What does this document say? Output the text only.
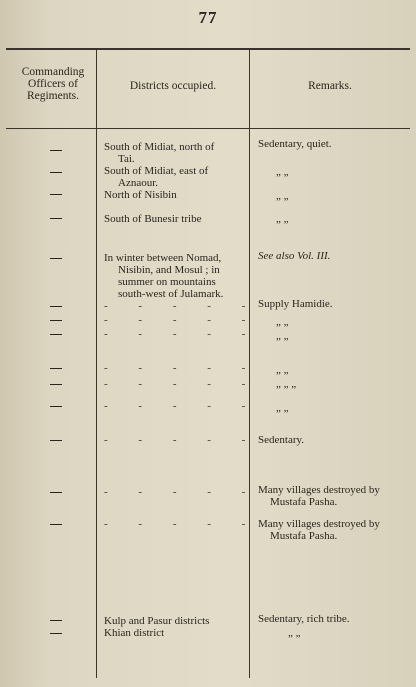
77
Commanding Officers of Regiments.
Districts occupied.	Remarks.
South of Midiat, north of
Tai.
South of Midiat, east of
Aznaour.
North of Nisibin
South of Bunesir tribe
In winter between Nomad,
Nisibin, and Mosul ; in
summer on mountains
south-west of Julamark.
Kulp and Pasur districts
Khian district
- - - - -
- - - - -
- - - - -
- - - - -
- - - - -
- - - - -
- - - - -
- - - - -
- - - - -
Sedentary, quiet.
„ „
„ „
„ „
See also Vol. III.
Supply Hamidie.
„ „
„ „
„ „
„ „ „
„ „
Sedentary.
Many villages destroyed by
Mustafa Pasha.
Many villages destroyed by
Mustafa Pasha.
Sedentary, rich tribe.
„ „
